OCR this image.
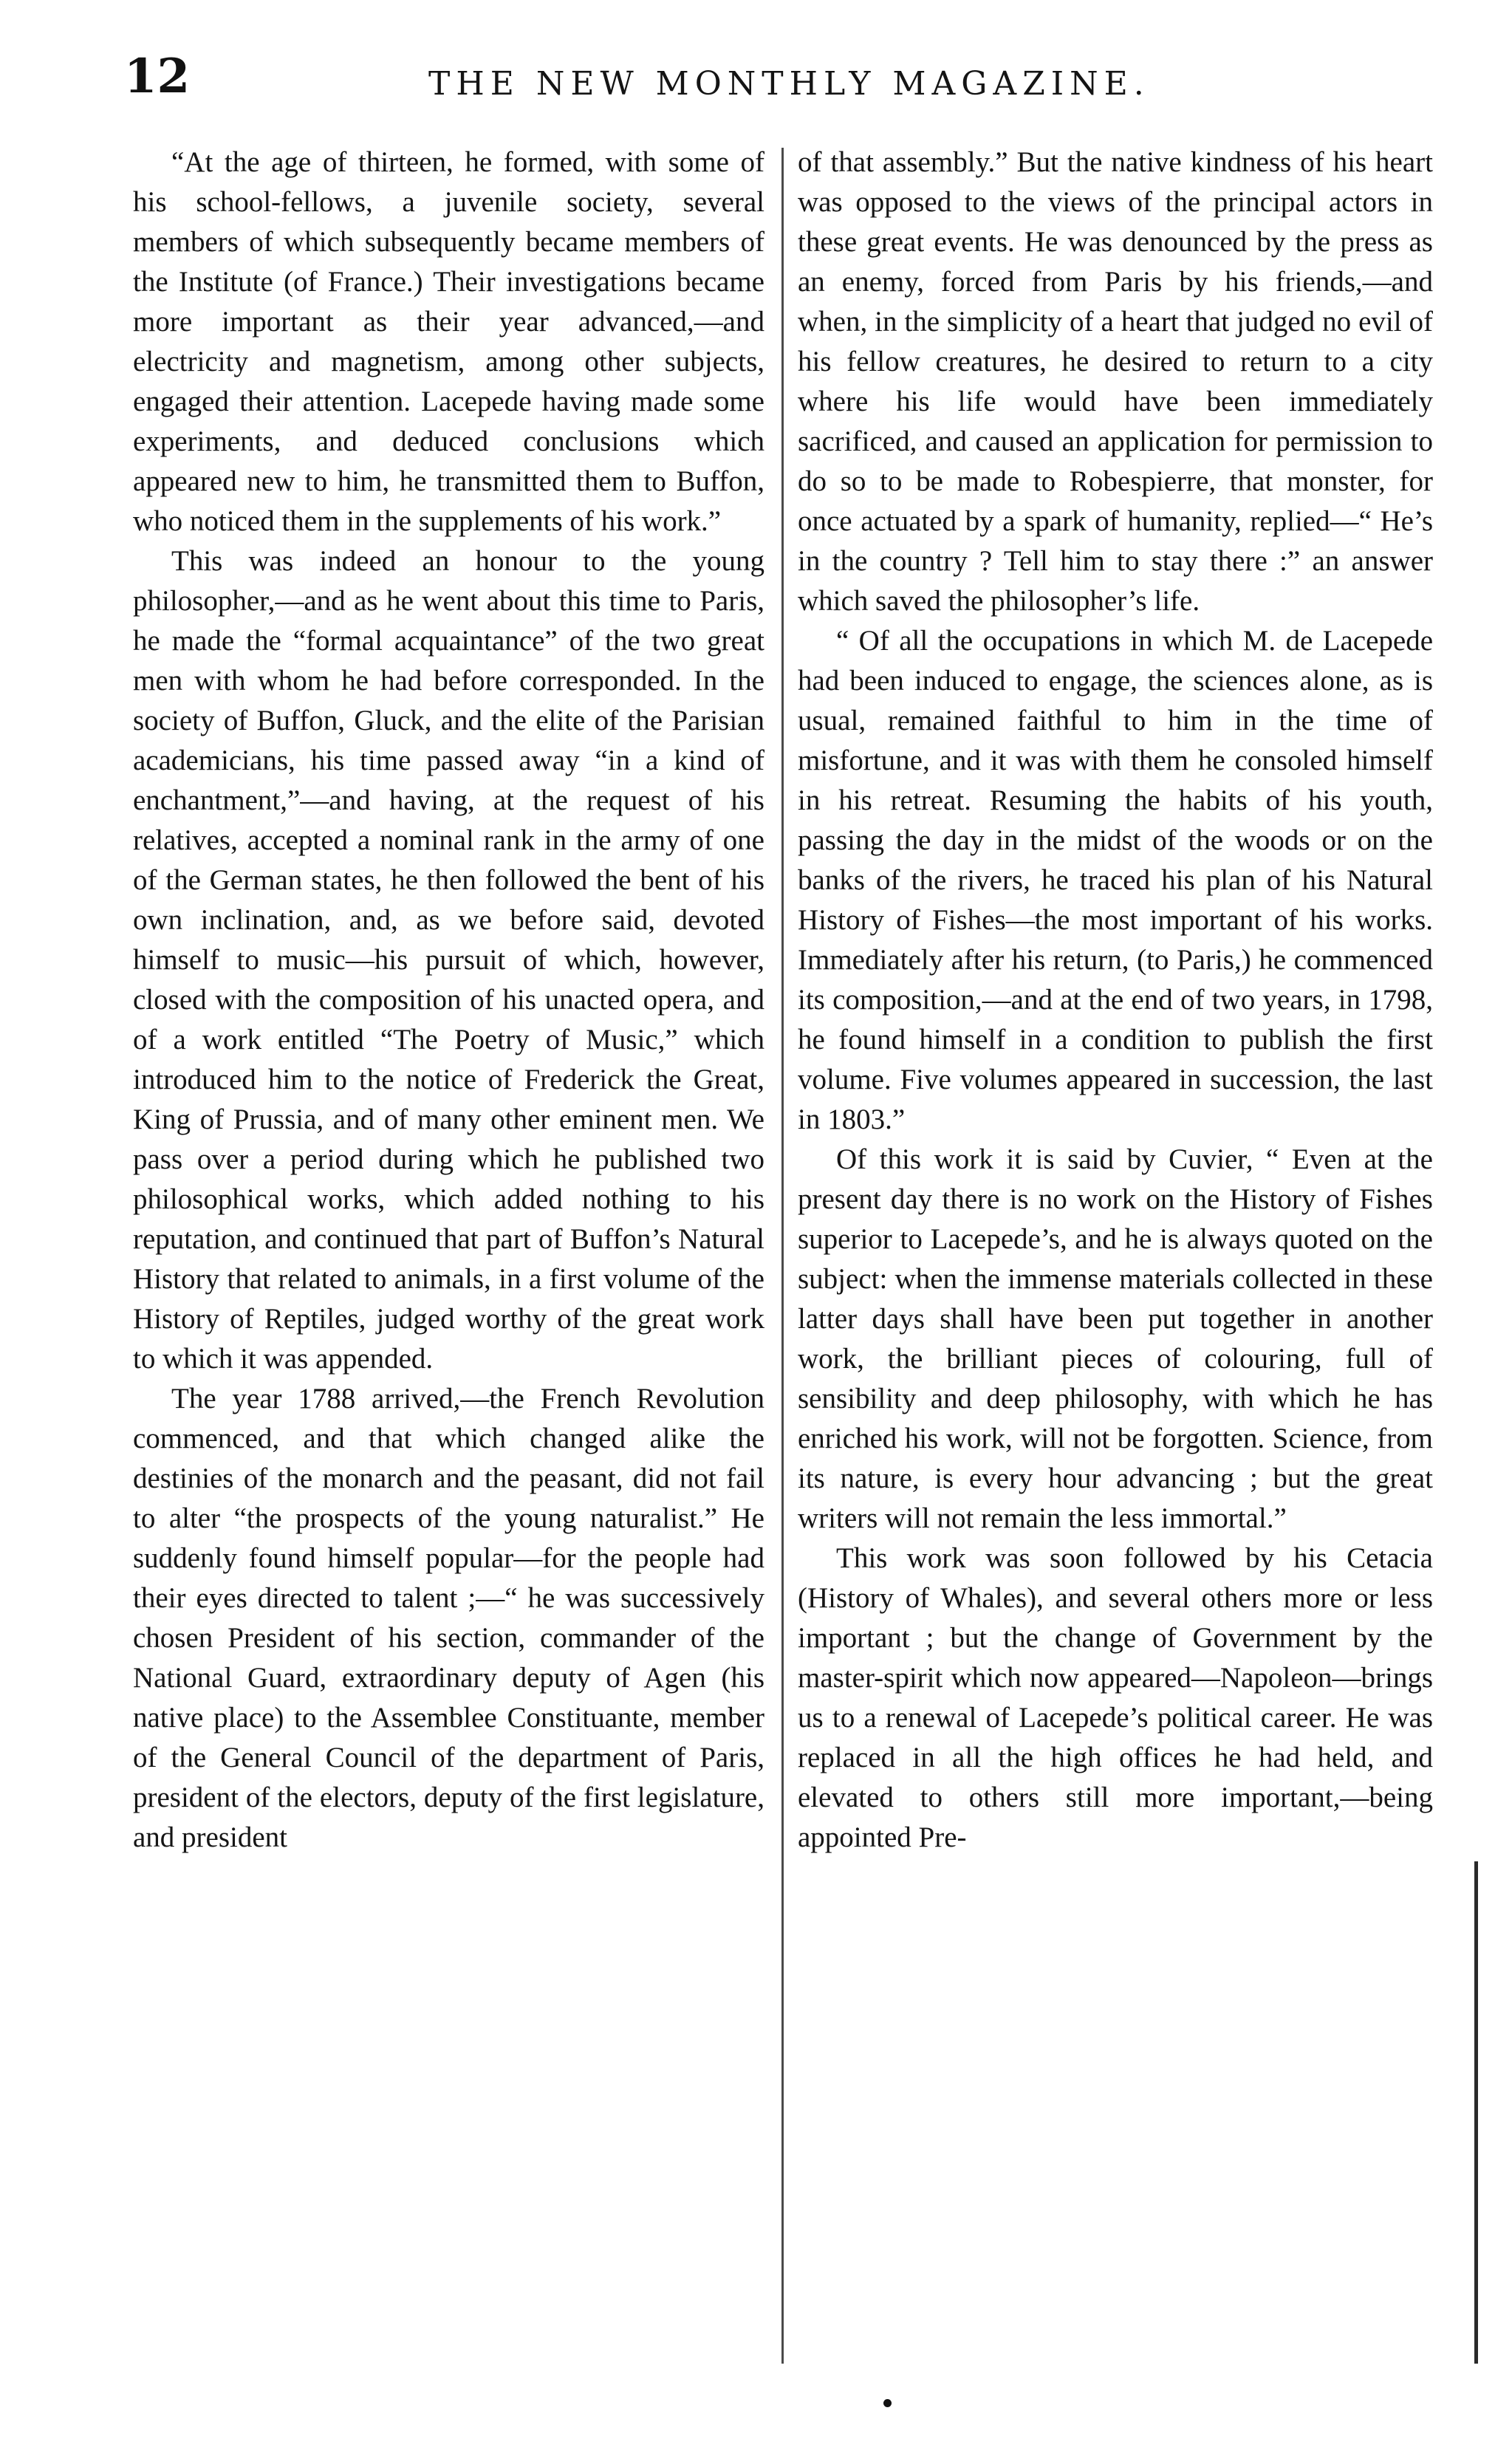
12	THE NEW MONTHLY MAGAZINE.

“At the age of thirteen, he formed, with some of his school-fellows, a juvenile society, several members of which subsequently became members of the Institute (of France.) Their investigations became more important as their year advanced,—and electricity and magnetism, among other subjects, engaged their attention. Lacepede having made some experiments, and deduced conclusions which appeared new to him, he transmitted them to Buffon, who noticed them in the supplements of his work.”

This was indeed an honour to the young philosopher,—and as he went about this time to Paris, he made the “formal acquaintance” of the two great men with whom he had before corresponded. In the society of Buffon, Gluck, and the elite of the Parisian academicians, his time passed away “in a kind of enchantment,”—and having, at the request of his relatives, accepted a nominal rank in the army of one of the German states, he then followed the bent of his own inclination, and, as we before said, devoted himself to music—his pursuit of which, however, closed with the composition of his unacted opera, and of a work entitled “The Poetry of Music,” which introduced him to the notice of Frederick the Great, King of Prussia, and of many other eminent men. We pass over a period during which he published two philosophical works, which added nothing to his reputation, and continued that part of Buffon’s Natural History that related to animals, in a first volume of the History of Reptiles, judged worthy of the great work to which it was appended.

The year 1788 arrived,—the French Revolution commenced, and that which changed alike the destinies of the monarch and the peasant, did not fail to alter “the prospects of the young naturalist.” He suddenly found himself popular—for the people had their eyes directed to talent ;—“ he was successively chosen President of his section, commander of the National Guard, extraordinary deputy of Agen (his native place) to the Assemblee Constituante, member of the General Council of the department of Paris, president of the electors, deputy of the first legislature, and president

of that assembly.” But the native kindness of his heart was opposed to the views of the principal actors in these great events. He was denounced by the press as an enemy, forced from Paris by his friends,—and when, in the simplicity of a heart that judged no evil of his fellow creatures, he desired to return to a city where his life would have been immediately sacrificed, and caused an application for permission to do so to be made to Robespierre, that monster, for once actuated by a spark of humanity, replied—“ He’s in the country ? Tell him to stay there :” an answer which saved the philosopher’s life.

“ Of all the occupations in which M. de Lacepede had been induced to engage, the sciences alone, as is usual, remained faithful to him in the time of misfortune, and it was with them he consoled himself in his retreat. Resuming the habits of his youth, passing the day in the midst of the woods or on the banks of the rivers, he traced his plan of his Natural History of Fishes—the most important of his works. Immediately after his return, (to Paris,) he commenced its composition,—and at the end of two years, in 1798, he found himself in a condition to publish the first volume. Five volumes appeared in succession, the last in 1803.”

Of this work it is said by Cuvier, “ Even at the present day there is no work on the History of Fishes superior to Lacepede’s, and he is always quoted on the subject: when the immense materials collected in these latter days shall have been put together in another work, the brilliant pieces of colouring, full of sensibility and deep philosophy, with which he has enriched his work, will not be forgotten. Science, from its nature, is every hour advancing ; but the great writers will not remain the less immortal.”

This work was soon followed by his Cetacia (History of Whales), and several others more or less important ; but the change of Government by the master-spirit which now appeared—Napoleon—brings us to a renewal of Lacepede’s political career. He was replaced in all the high offices he had held, and elevated to others still more important,—being appointed Pre-
